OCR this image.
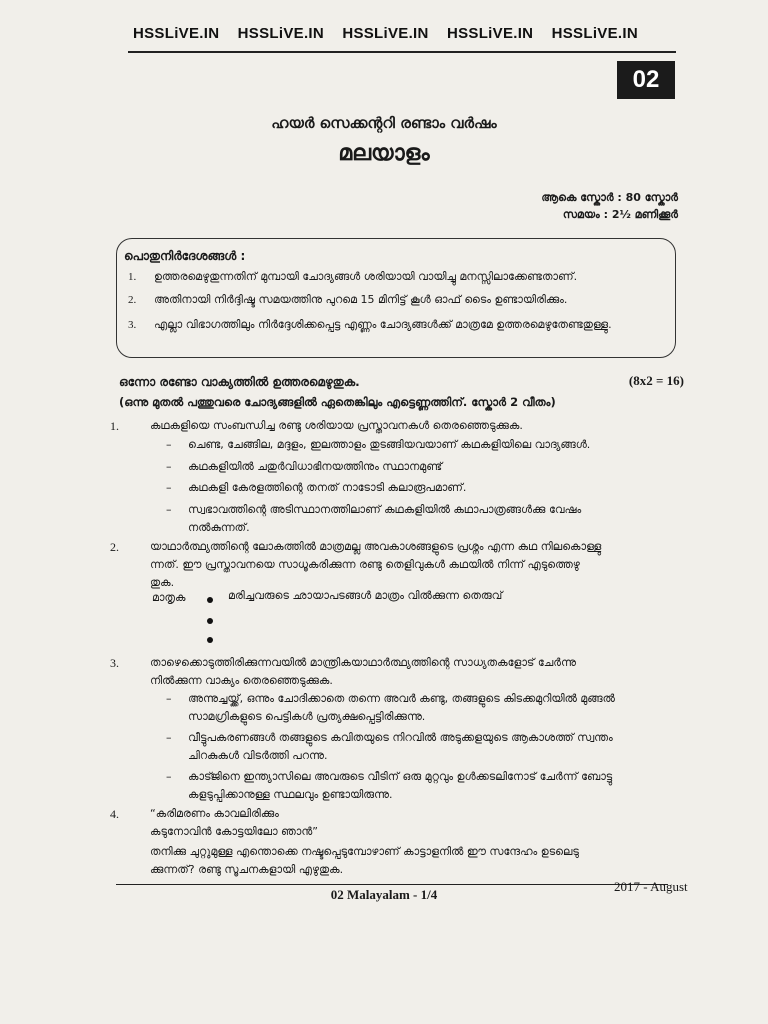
HSSLiVE.IN HSSLiVE.IN HSSLiVE.IN HSSLiVE.IN HSSLiVE.IN
02
ഹയർ സെക്കന്ററി രണ്ടാം വർഷം
മലയാളം
ആകെ സ്കോർ : 80 സ്കോർ
സമയം : 2½ മണിക്കൂർ
പൊതുനിർദേശങ്ങൾ :
1.	ഉത്തരമെഴുതുന്നതിന് മുമ്പായി ചോദ്യങ്ങൾ ശരിയായി വായിച്ചു മനസ്സിലാക്കേണ്ടതാണ്.
2.	അതിനായി നിർദ്ദിഷ്ട സമയത്തിനു പുറമെ 15 മിനിട്ട് കൂൾ ഓഫ് ടൈം ഉണ്ടായിരിക്കും.
3.	എല്ലാ വിഭാഗത്തിലും നിർദ്ദേശിക്കപ്പെട്ട എണ്ണം ചോദ്യങ്ങൾക്ക് മാത്രമേ ഉത്തരമെഴുതേണ്ടതുള്ളു.
ഒന്നോ രണ്ടോ വാക്യത്തിൽ ഉത്തരമെഴുതുക.	(8x2 = 16)
(ഒന്നു മുതൽ പത്തുവരെ ചോദ്യങ്ങളിൽ ഏതെങ്കിലും എട്ടെണ്ണത്തിന്. സ്കോർ 2 വീതം)
1.	കഥകളിയെ സംബന്ധിച്ച രണ്ടു ശരിയായ പ്രസ്താവനകൾ തെരഞ്ഞെടുക്കുക.
–	ചെണ്ട, ചേങ്ങില, മദ്ദളം, ഇലത്താളം തുടങ്ങിയവയാണ് കഥകളിയിലെ വാദ്യങ്ങൾ.
–	കഥകളിയിൽ ചതുർവിധാഭിനയത്തിനും സ്ഥാനമുണ്ട്
–	കഥകളി കേരളത്തിന്റെ തനത് നാടോടി കലാരൂപമാണ്.
–	സ്വഭാവത്തിന്റെ അടിസ്ഥാനത്തിലാണ് കഥകളിയിൽ കഥാപാത്രങ്ങൾക്കു വേഷം
നൽകുന്നത്.
2.	യാഥാർത്ഥ്യത്തിന്റെ ലോകത്തിൽ മാത്രമല്ല അവകാശങ്ങളുടെ പ്രശ്നം എന്ന കഥ നിലകൊള്ളു
ന്നത്. ഈ പ്രസ്താവനയെ സാധൂകരിക്കുന്ന രണ്ടു തെളിവുകൾ കഥയിൽ നിന്ന് എടുത്തെഴു
തുക.
മാതൃക	മരിച്ചവരുടെ ഛായാപടങ്ങൾ മാത്രം വിൽക്കുന്ന തെരുവ്
3.	താഴെക്കൊടുത്തിരിക്കുന്നവയിൽ മാന്ത്രികയാഥാർത്ഥ്യത്തിന്റെ സാധ്യതകളോട് ചേർന്നു
നിൽക്കുന്ന വാക്യം തെരഞ്ഞെടുക്കുക.
–	അന്നുച്ചയ്ക്ക്, ഒന്നും ചോദിക്കാതെ തന്നെ അവർ കണ്ടു, തങ്ങളുടെ കിടക്കമുറിയിൽ മുങ്ങൽ
സാമഗ്രികളുടെ പെട്ടികൾ പ്രത്യക്ഷപ്പെട്ടിരിക്കുന്നു.
–	വീട്ടുപകരണങ്ങൾ തങ്ങളുടെ കവിതയുടെ നിറവിൽ അടുക്കളയുടെ ആകാശത്ത് സ്വന്തം
ചിറകുകൾ വിടർത്തി പറന്നു.
–	കാട്ജിനെ ഇന്ത്യാസിലെ അവരുടെ വീടിന് ഒരു മുറ്റവും ഉൾക്കടലിനോട് ചേർന്ന് ബോട്ടു
കളടുപ്പിക്കാനുള്ള സ്ഥലവും ഉണ്ടായിരുന്നു.
4.	“കരിമരണം കാവലിരിക്കും
കടുനോവിൻ കോട്ടയിലോ ഞാൻ”
തനിക്കു ചുറ്റുമുള്ള എന്തൊക്കെ നഷ്ടപ്പെടുമ്പോഴാണ് കാട്ടാളനിൽ ഈ സന്ദേഹം ഉടലെടു
ക്കുന്നത്? രണ്ടു സൂചനകളായി എഴുതുക.
02 Malayalam - 1/4
2017 - August
